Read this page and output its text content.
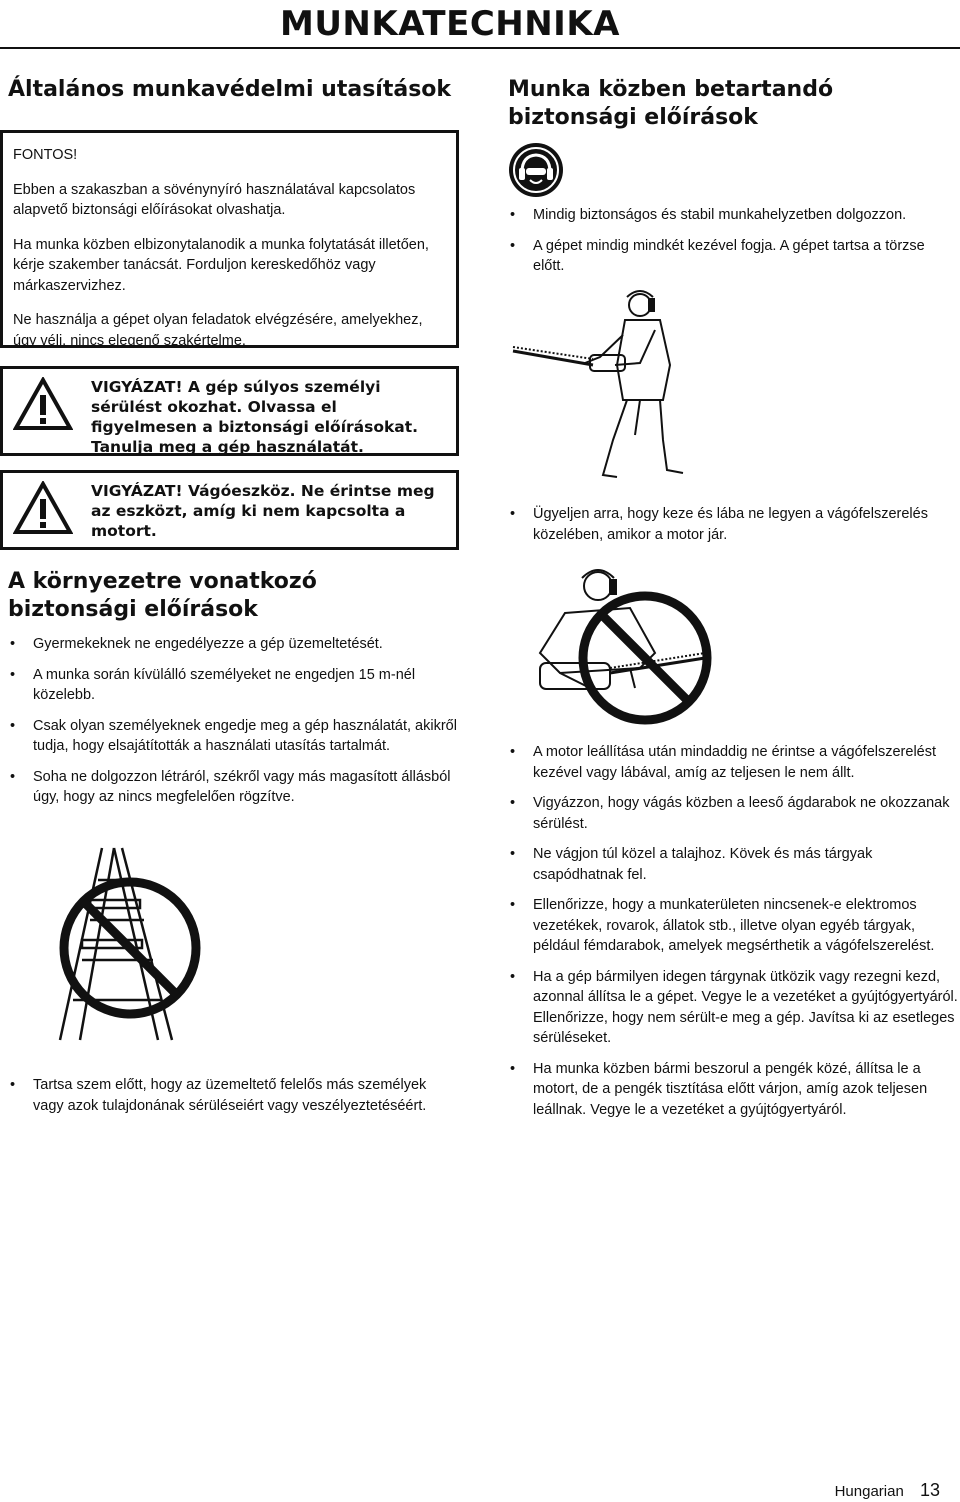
MUNKATECHNIKA
Általános munkavédelmi utasítások

FONTOS!

Ebben a szakaszban a sövénynyíró használatával kapcsolatos alapvető biztonsági előírásokat olvashatja.

Ha munka közben elbizonytalanodik a munka folytatását illetően, kérje szakember tanácsát. Forduljon kereskedőhöz vagy márkaszervizhez.

Ne használja a gépet olyan feladatok elvégzésére, amelyekhez, úgy véli, nincs elegenő szakértelme.

VIGYÁZAT! A gép súlyos személyi sérülést okozhat. Olvassa el figyelmesen a biztonsági előírásokat. Tanulja meg a gép használatát.
VIGYÁZAT! Vágóeszköz. Ne érintse meg az eszközt, amíg ki nem kapcsolta a motort.
A környezetre vonatkozó biztonsági előírások
• Gyermekeknek ne engedélyezze a gép üzemeltetését.
• A munka során kívülálló személyeket ne engedjen 15 m-nél közelebb.
• Csak olyan személyeknek engedje meg a gép használatát, akikről tudja, hogy elsajátították a használati utasítás tartalmát.
• Soha ne dolgozzon létráról, székről vagy más magasított állásból úgy, hogy az nincs megfelelően rögzítve.
• Tartsa szem előtt, hogy az üzemeltető felelős más személyek vagy azok tulajdonának sérüléseiért vagy veszélyeztetéséért.
Munka közben betartandó biztonsági előírások
• Mindig biztonságos és stabil munkahelyzetben dolgozzon.
• A gépet mindig mindkét kezével fogja. A gépet tartsa a törzse előtt.
• Ügyeljen arra, hogy keze és lába ne legyen a vágófelszerelés közelében, amikor a motor jár.
• A motor leállítása után mindaddig ne érintse a vágófelszerelést kezével vagy lábával, amíg az teljesen le nem állt.
• Vigyázzon, hogy vágás közben a leeső ágdarabok ne okozzanak sérülést.
• Ne vágjon túl közel a talajhoz. Kövek és más tárgyak csapódhatnak fel.
• Ellenőrizze, hogy a munkaterületen nincsenek-e elektromos vezetékek, rovarok, állatok stb., illetve olyan egyéb tárgyak, például fémdarabok, amelyek megsérthetik a vágófelszerelést.
• Ha a gép bármilyen idegen tárgynak ütközik vagy rezegni kezd, azonnal állítsa le a gépet. Vegye le a vezetéket a gyújtógyertyáról. Ellenőrizze, hogy nem sérült-e meg a gép. Javítsa ki az esetleges sérüléseket.
• Ha munka közben bármi beszorul a pengék közé, állítsa le a motort, de a pengék tisztítása előtt várjon, amíg azok teljesen leállnak. Vegye le a vezetéket a gyújtógyertyáról.
Hungarian 13
